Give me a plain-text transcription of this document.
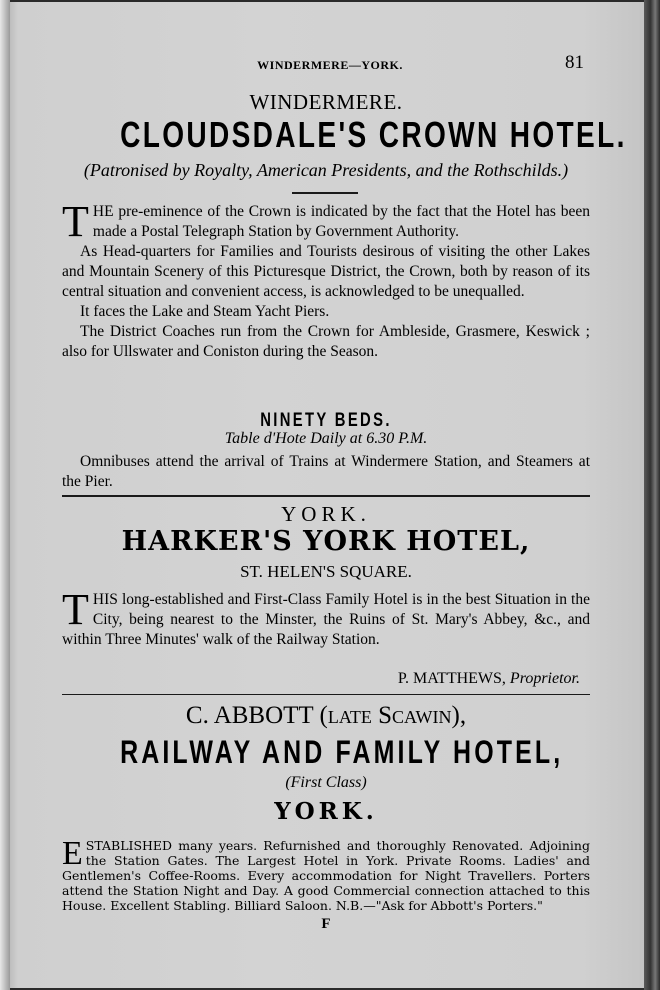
WINDERMERE—YORK.	81
WINDERMERE.
CLOUDSDALE'S CROWN HOTEL.
(Patronised by Royalty, American Presidents, and the Rothschilds.)

THE pre-eminence of the Crown is indicated by the fact that the Hotel has been made a Postal Telegraph Station by Government Authority.

As Head-quarters for Families and Tourists desirous of visiting the other Lakes and Mountain Scenery of this Picturesque District, the Crown, both by reason of its central situation and convenient access, is acknowledged to be unequalled.

It faces the Lake and Steam Yacht Piers.

The District Coaches run from the Crown for Ambleside, Grasmere, Keswick ; also for Ullswater and Coniston during the Season.

NINETY BEDS.
Table d'Hote Daily at 6.30 P.M.
Omnibuses attend the arrival of Trains at Windermere Station, and Steamers at the Pier.
YORK.
HARKER'S YORK HOTEL,
ST. HELEN'S SQUARE.

THIS long-established and First-Class Family Hotel is in the best Situation in the City, being nearest to the Minster, the Ruins of St. Mary's Abbey, &c., and within Three Minutes' walk of the Railway Station.

P. MATTHEWS, Proprietor.
C. ABBOTT (late Scawin),
RAILWAY AND FAMILY HOTEL,
(First Class)
YORK.

ESTABLISHED many years. Refurnished and thoroughly Renovated. Adjoining the Station Gates. The Largest Hotel in York. Private Rooms. Ladies' and Gentlemen's Coffee-Rooms. Every accommodation for Night Travellers. Porters attend the Station Night and Day. A good Commercial connection attached to this House. Excellent Stabling. Billiard Saloon. N.B.—"Ask for Abbott's Porters."

F
